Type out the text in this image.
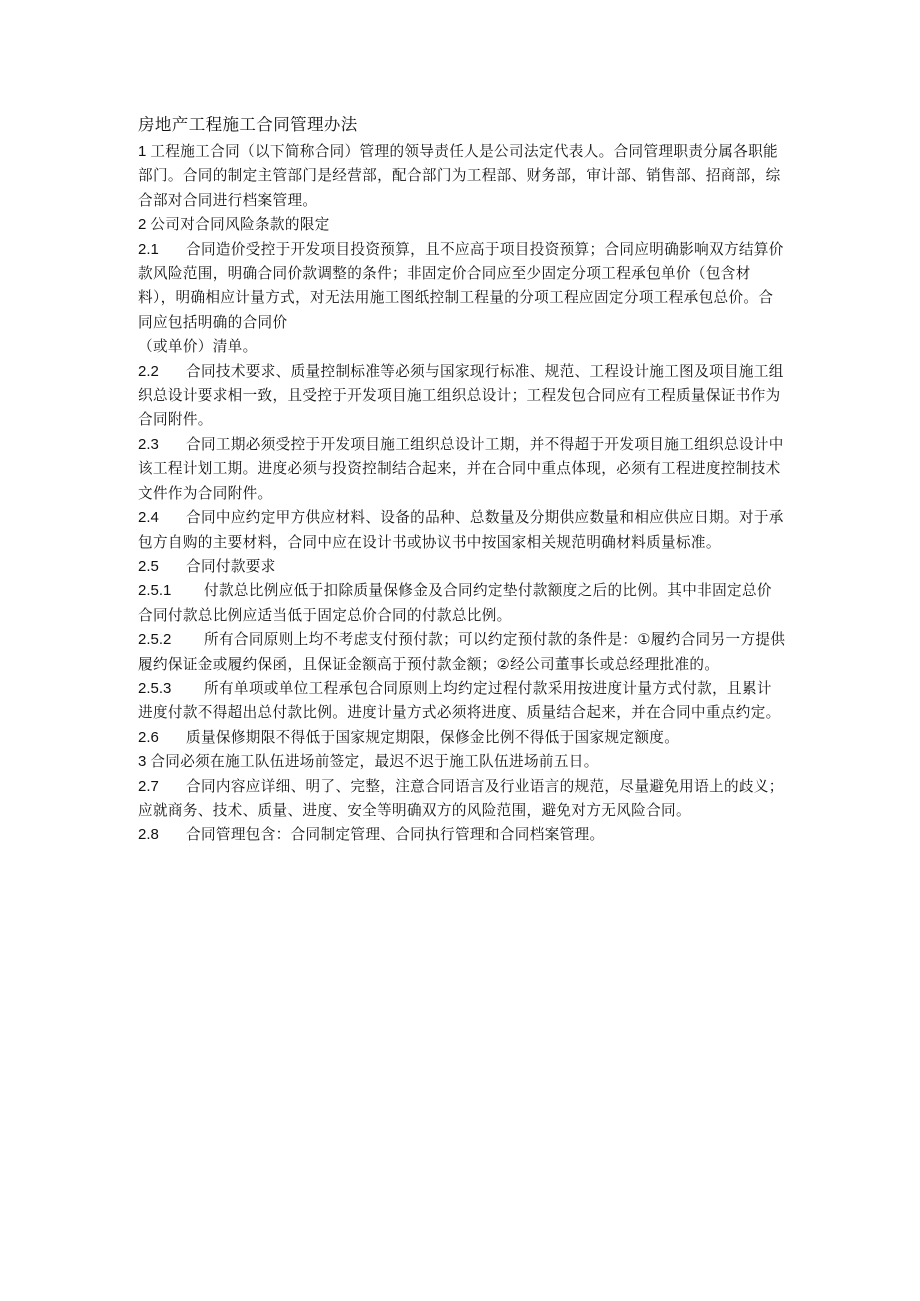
房地产工程施工合同管理办法

1 工程施工合同（以下简称合同）管理的领导责任人是公司法定代表人。合同管理职责分属各职能部门。合同的制定主管部门是经营部，配合部门为工程部、财务部，审计部、销售部、招商部，综合部对合同进行档案管理。

2 公司对合同风险条款的限定

2.1 合同造价受控于开发项目投资预算，且不应高于项目投资预算；合同应明确影响双方结算价款风险范围，明确合同价款调整的条件；非固定价合同应至少固定分项工程承包单价（包含材料），明确相应计量方式，对无法用施工图纸控制工程量的分项工程应固定分项工程承包总价。合同应包括明确的合同价

（或单价）清单。

2.2 合同技术要求、质量控制标准等必须与国家现行标准、规范、工程设计施工图及项目施工组织总设计要求相一致，且受控于开发项目施工组织总设计；工程发包合同应有工程质量保证书作为合同附件。

2.3 合同工期必须受控于开发项目施工组织总设计工期，并不得超于开发项目施工组织总设计中该工程计划工期。进度必须与投资控制结合起来，并在合同中重点体现，必须有工程进度控制技术文件作为合同附件。

2.4 合同中应约定甲方供应材料、设备的品种、总数量及分期供应数量和相应供应日期。对于承包方自购的主要材料，合同中应在设计书或协议书中按国家相关规范明确材料质量标准。

2.5 合同付款要求

2.5.1 付款总比例应低于扣除质量保修金及合同约定垫付款额度之后的比例。其中非固定总价合同付款总比例应适当低于固定总价合同的付款总比例。

2.5.2 所有合同原则上均不考虑支付预付款；可以约定预付款的条件是：①履约合同另一方提供履约保证金或履约保函，且保证金额高于预付款金额；②经公司董事长或总经理批准的。

2.5.3 所有单项或单位工程承包合同原则上均约定过程付款采用按进度计量方式付款，且累计进度付款不得超出总付款比例。进度计量方式必须将进度、质量结合起来，并在合同中重点约定。

2.6 质量保修期限不得低于国家规定期限，保修金比例不得低于国家规定额度。

3 合同必须在施工队伍进场前签定，最迟不迟于施工队伍进场前五日。

2.7 合同内容应详细、明了、完整，注意合同语言及行业语言的规范，尽量避免用语上的歧义；应就商务、技术、质量、进度、安全等明确双方的风险范围，避免对方无风险合同。

2.8 合同管理包含：合同制定管理、合同执行管理和合同档案管理。
